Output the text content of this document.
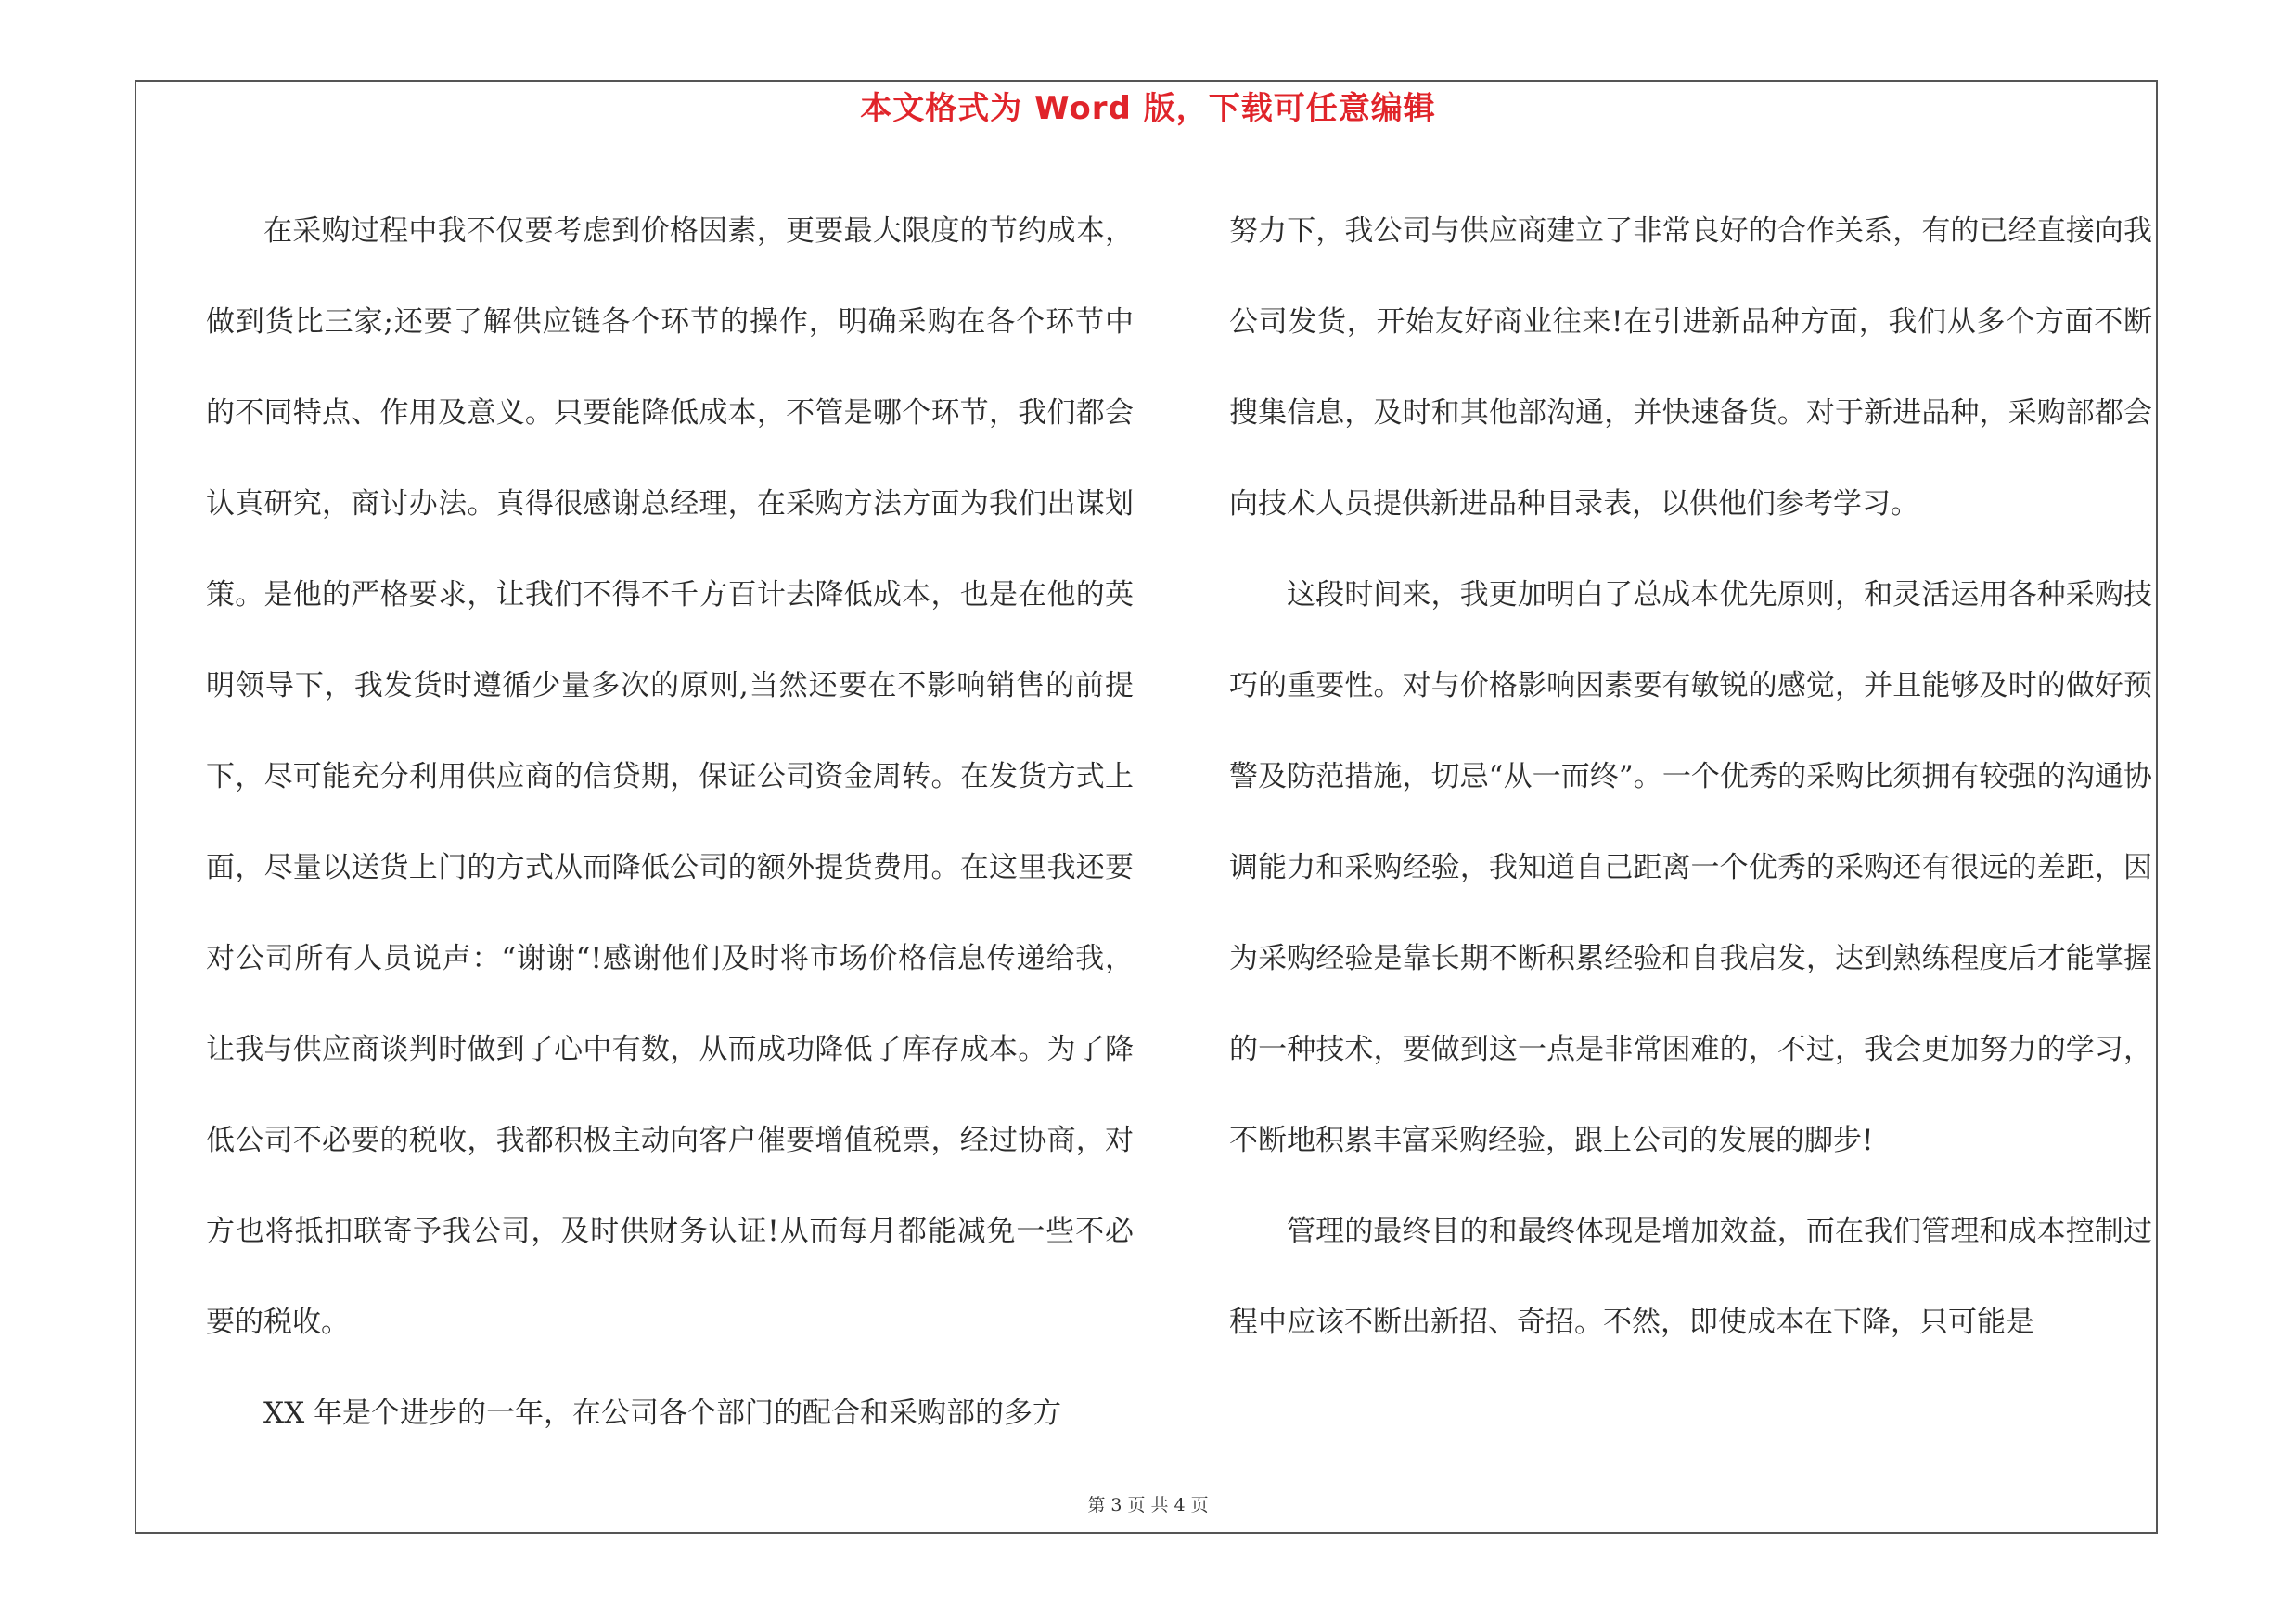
本文格式为 Word 版，下载可任意编辑

在采购过程中我不仅要考虑到价格因素，更要最大限度的节约成本，做到货比三家;还要了解供应链各个环节的操作，明确采购在各个环节中的不同特点、作用及意义。只要能降低成本，不管是哪个环节，我们都会认真研究，商讨办法。真得很感谢总经理，在采购方法方面为我们出谋划策。是他的严格要求，让我们不得不千方百计去降低成本，也是在他的英明领导下，我发货时遵循少量多次的原则,当然还要在不影响销售的前提下，尽可能充分利用供应商的信贷期，保证公司资金周转。在发货方式上面，尽量以送货上门的方式从而降低公司的额外提货费用。在这里我还要对公司所有人员说声：“谢谢“!感谢他们及时将市场价格信息传递给我，让我与供应商谈判时做到了心中有数，从而成功降低了库存成本。为了降低公司不必要的税收，我都积极主动向客户催要增值税票，经过协商，对方也将抵扣联寄予我公司，及时供财务认证!从而每月都能减免一些不必要的税收。

XX 年是个进步的一年，在公司各个部门的配合和采购部的多方

努力下，我公司与供应商建立了非常良好的合作关系，有的已经直接向我公司发货，开始友好商业往来!在引进新品种方面，我们从多个方面不断搜集信息，及时和其他部沟通，并快速备货。对于新进品种，采购部都会向技术人员提供新进品种目录表，以供他们参考学习。

这段时间来，我更加明白了总成本优先原则，和灵活运用各种采购技巧的重要性。对与价格影响因素要有敏锐的感觉，并且能够及时的做好预警及防范措施，切忌“从一而终”。一个优秀的采购比须拥有较强的沟通协调能力和采购经验，我知道自己距离一个优秀的采购还有很远的差距，因为采购经验是靠长期不断积累经验和自我启发，达到熟练程度后才能掌握的一种技术，要做到这一点是非常困难的，不过，我会更加努力的学习，不断地积累丰富采购经验，跟上公司的发展的脚步!

管理的最终目的和最终体现是增加效益，而在我们管理和成本控制过程中应该不断出新招、奇招。不然，即使成本在下降，只可能是

第 3 页 共 4 页
